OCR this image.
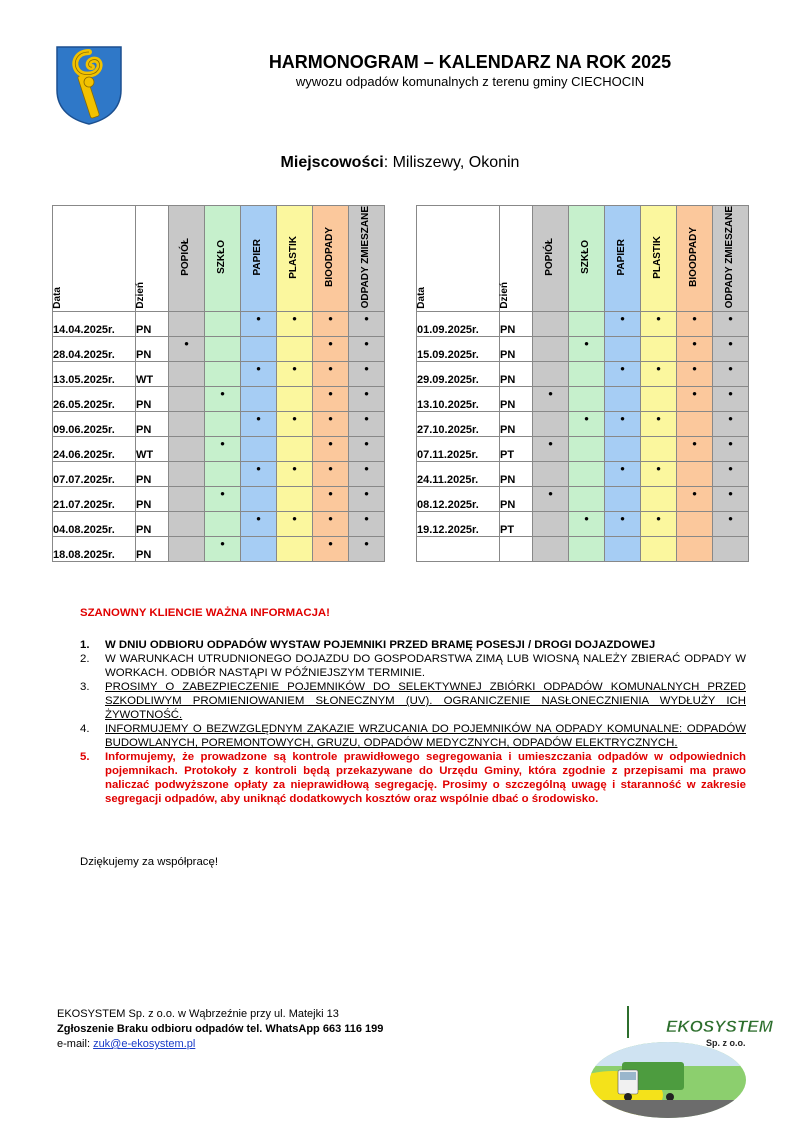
HARMONOGRAM – KALENDARZ NA ROK 2025
wywozu odpadów komunalnych z terenu gminy CIECHOCIN
Miejscowości: Miliszewy, Okonin
Data	Dzień	POPIÓŁ	SZKŁO	PAPIER	PLASTIK	BIOODPADY	ODPADY ZMIESZANE
14.04.2025r.	PN			•	•	•	•
28.04.2025r.	PN	•				•	•
13.05.2025r.	WT			•	•	•	•
26.05.2025r.	PN		•			•	•
09.06.2025r.	PN			•	•	•	•
24.06.2025r.	WT		•			•	•
07.07.2025r.	PN			•	•	•	•
21.07.2025r.	PN		•			•	•
04.08.2025r.	PN			•	•	•	•
18.08.2025r.	PN		•			•	•
Data	Dzień	POPIÓŁ	SZKŁO	PAPIER	PLASTIK	BIOODPADY	ODPADY ZMIESZANE
01.09.2025r.	PN			•	•	•	•
15.09.2025r.	PN		•			•	•
29.09.2025r.	PN			•	•	•	•
13.10.2025r.	PN	•				•	•
27.10.2025r.	PN		•	•	•		•
07.11.2025r.	PT	•				•	•
24.11.2025r.	PN			•	•		•
08.12.2025r.	PN	•				•	•
19.12.2025r.	PT		•	•	•		•

SZANOWNY KLIENCIE WAŻNA INFORMACJA!
1. W DNIU ODBIORU ODPADÓW WYSTAW POJEMNIKI PRZED BRAMĘ POSESJI / DROGI DOJAZDOWEJ
2. W WARUNKACH UTRUDNIONEGO DOJAZDU DO GOSPODARSTWA ZIMĄ LUB WIOSNĄ NALEŻY ZBIERAĆ ODPADY W WORKACH. ODBIÓR NASTĄPI W PÓŹNIEJSZYM TERMINIE.
3. PROSIMY O ZABEZPIECZENIE POJEMNIKÓW DO SELEKTYWNEJ ZBIÓRKI ODPADÓW KOMUNALNYCH PRZED SZKODLIWYM PROMIENIOWANIEM SŁONECZNYM (UV). OGRANICZENIE NASŁONECZNIENIA WYDŁUŻY ICH ŻYWOTNOŚĆ.
4. INFORMUJEMY O BEZWZGLĘDNYM ZAKAZIE WRZUCANIA DO POJEMNIKÓW NA ODPADY KOMUNALNE: ODPADÓW BUDOWLANYCH, POREMONTOWYCH, GRUZU, ODPADÓW MEDYCZNYCH, ODPADÓW ELEKTRYCZNYCH.
5. Informujemy, że prowadzone są kontrole prawidłowego segregowania i umieszczania odpadów w odpowiednich pojemnikach. Protokoły z kontroli będą przekazywane do Urzędu Gminy, która zgodnie z przepisami ma prawo naliczać podwyższone opłaty za nieprawidłową segregację. Prosimy o szczególną uwagę i staranność w zakresie segregacji odpadów, aby uniknąć dodatkowych kosztów oraz wspólnie dbać o środowisko.
Dziękujemy za współpracę!
EKOSYSTEM Sp. z o.o. w Wąbrzeźnie przy ul. Matejki 13
Zgłoszenie Braku odbioru odpadów tel. WhatsApp 663 116 199
e-mail: zuk@e-ekosystem.pl
EKOSYSTEM
Sp. z o.o.
